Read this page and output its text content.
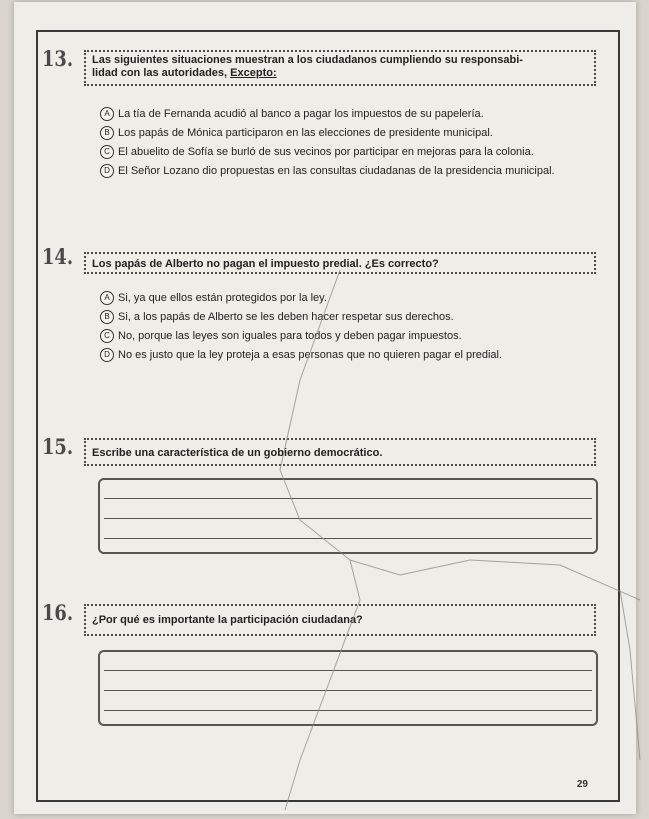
13. Las siguientes situaciones muestran a los ciudadanos cumpliendo su responsabi-
lidad con las autoridades, Excepto:
A La tía de Fernanda acudió al banco a pagar los impuestos de su papelería.
B Los papás de Mónica participaron en las elecciones de presidente municipal.
C El abuelito de Sofía se burló de sus vecinos por participar en mejoras para la colonia.
D El Señor Lozano dio propuestas en las consultas ciudadanas de la presidencia municipal.
14.	Los papás de Alberto no pagan el impuesto predial. ¿Es correcto?
A Si, ya que ellos están protegidos por la ley.
B Si, a los papás de Alberto se les deben hacer respetar sus derechos.
C No, porque las leyes son iguales para todos y deben pagar impuestos.
D No es justo que la ley proteja a esas personas que no quieren pagar el predial.
15.	Escribe una característica de un gobierno democrático.
16.	¿Por qué es importante la participación ciudadana?
29
